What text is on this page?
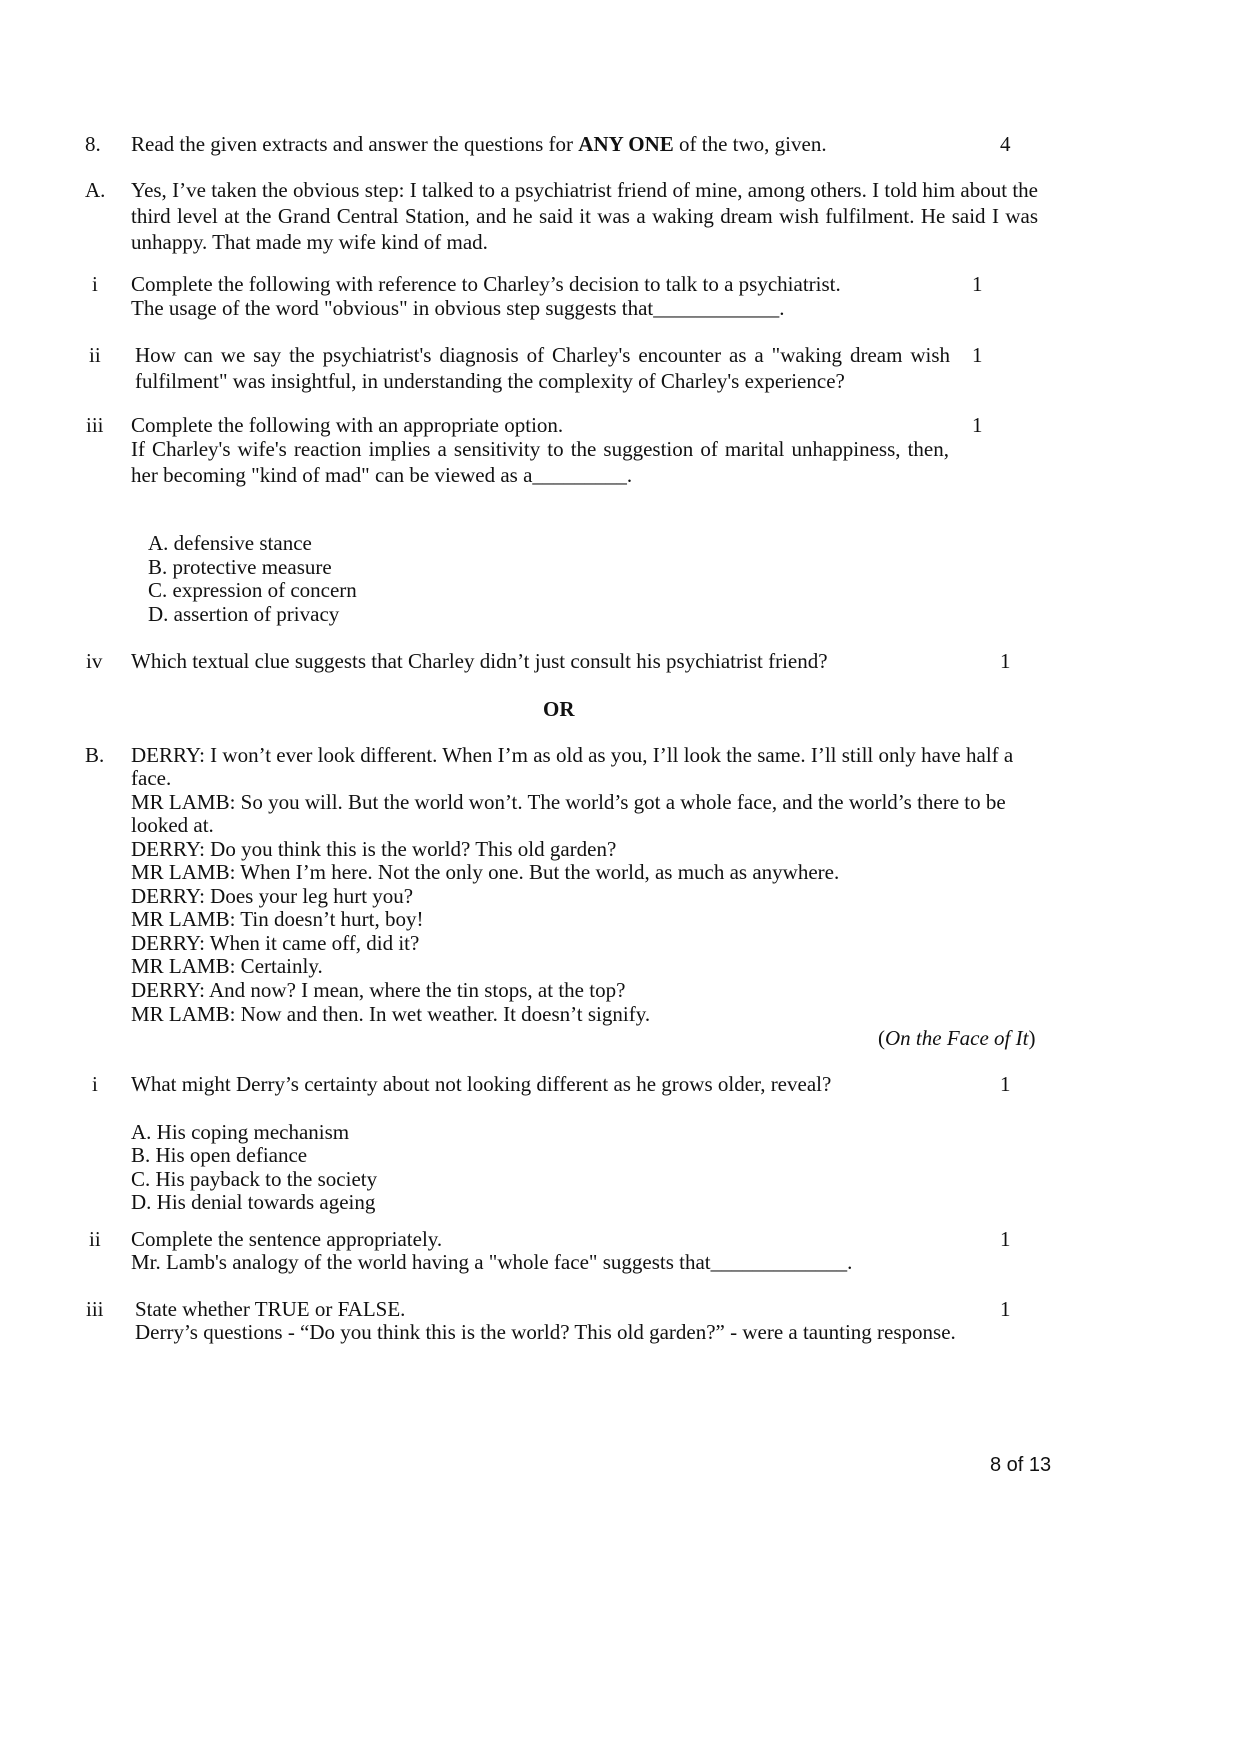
8. Read the given extracts and answer the questions for ANY ONE of the two, given.	4
A. Yes, I’ve taken the obvious step: I talked to a psychiatrist friend of mine, among others. I told him about the third level at the Grand Central Station, and he said it was a waking dream wish fulfilment. He said I was unhappy. That made my wife kind of mad.
i Complete the following with reference to Charley’s decision to talk to a psychiatrist.
The usage of the word "obvious" in obvious step suggests that____________.
1
ii How can we say the psychiatrist's diagnosis of Charley's encounter as a "waking dream wish fulfilment" was insightful, in understanding the complexity of Charley's experience?
1
iii Complete the following with an appropriate option.
If Charley's wife's reaction implies a sensitivity to the suggestion of marital unhappiness, then, her becoming "kind of mad" can be viewed as a_________.
1
A. defensive stance
B. protective measure
C. expression of concern
D. assertion of privacy
iv Which textual clue suggests that Charley didn’t just consult his psychiatrist friend?	1
OR
B. DERRY: I won’t ever look different. When I’m as old as you, I’ll look the same. I’ll still only have half a
face.
MR LAMB: So you will. But the world won’t. The world’s got a whole face, and the world’s there to be
looked at.
DERRY: Do you think this is the world? This old garden?
MR LAMB: When I’m here. Not the only one. But the world, as much as anywhere.
DERRY: Does your leg hurt you?
MR LAMB: Tin doesn’t hurt, boy!
DERRY: When it came off, did it?
MR LAMB: Certainly.
DERRY: And now? I mean, where the tin stops, at the top?
MR LAMB: Now and then. In wet weather. It doesn’t signify.
(On the Face of It)
i What might Derry’s certainty about not looking different as he grows older, reveal?	1
A. His coping mechanism
B. His open defiance
C. His payback to the society
D. His denial towards ageing
ii Complete the sentence appropriately.
Mr. Lamb's analogy of the world having a "whole face" suggests that_____________.
1
iii State whether TRUE or FALSE.
Derry’s questions - “Do you think this is the world? This old garden?” - were a taunting response.
1
8 of 13
